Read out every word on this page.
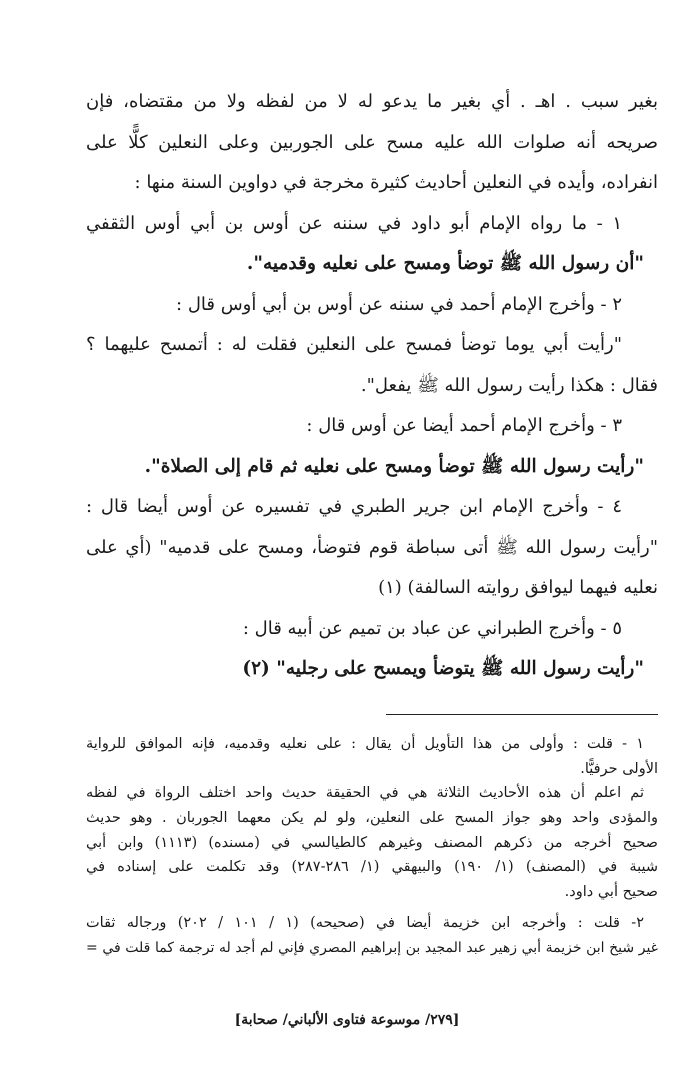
بغير سبب . اهـ . أي بغير ما يدعو له لا من لفظه ولا من مقتضاه، فإن
صريحه أنه صلوات الله عليه مسح على الجوربين وعلى النعلين كلًّا على
انفراده، وأيده في النعلين أحاديث كثيرة مخرجة في دواوين السنة منها :
١ - ما رواه الإمام أبو داود في سننه عن أوس بن أبي أوس الثقفي
"أن رسول الله ﷺ توضأ ومسح على نعليه وقدميه".
٢ - وأخرج الإمام أحمد في سننه عن أوس بن أبي أوس قال :
"رأيت أبي يوما توضأ فمسح على النعلين فقلت له : أتمسح عليهما ؟
فقال : هكذا رأيت رسول الله ﷺ يفعل".
٣ - وأخرج الإمام أحمد أيضا عن أوس قال :
"رأيت رسول الله ﷺ توضأ ومسح على نعليه ثم قام إلى الصلاة".
٤ - وأخرج الإمام ابن جرير الطبري في تفسيره عن أوس أيضا قال :
"رأيت رسول الله ﷺ أتى سباطة قوم فتوضأ، ومسح على قدميه" (أي على
نعليه فيهما ليوافق روايته السالفة) (١)
٥ - وأخرج الطبراني عن عباد بن تميم عن أبيه قال :
"رأيت رسول الله ﷺ يتوضأ ويمسح على رجليه" (٢)
١ - قلت : وأولى من هذا التأويل أن يقال : على نعليه وقدميه، فإنه الموافق للرواية
الأولى حرفيًّا.
ثم اعلم أن هذه الأحاديث الثلاثة هي في الحقيقة حديث واحد اختلف الرواة في لفظه
والمؤدى واحد وهو جواز المسح على النعلين، ولو لم يكن معهما الجوربان . وهو حديث
صحيح أخرجه من ذكرهم المصنف وغيرهم كالطيالسي في (مسنده) (١١١٣) وابن أبي
شيبة في (المصنف) (١/ ١٩٠) والبيهقي (١/ ٢٨٦-٢٨٧) وقد تكلمت على إسناده في
صحيح أبي داود.
٢- قلت : وأخرجه ابن خزيمة أيضا في (صحيحه) (١ / ١٠١ / ٢٠٢) ورجاله ثقات
غير شيخ ابن خزيمة أبي زهير عبد المجيد بن إبراهيم المصري فإني لم أجد له ترجمة كما قلت في =
[٢٧٩/ موسوعة فتاوى الألباني/ صحابة]
